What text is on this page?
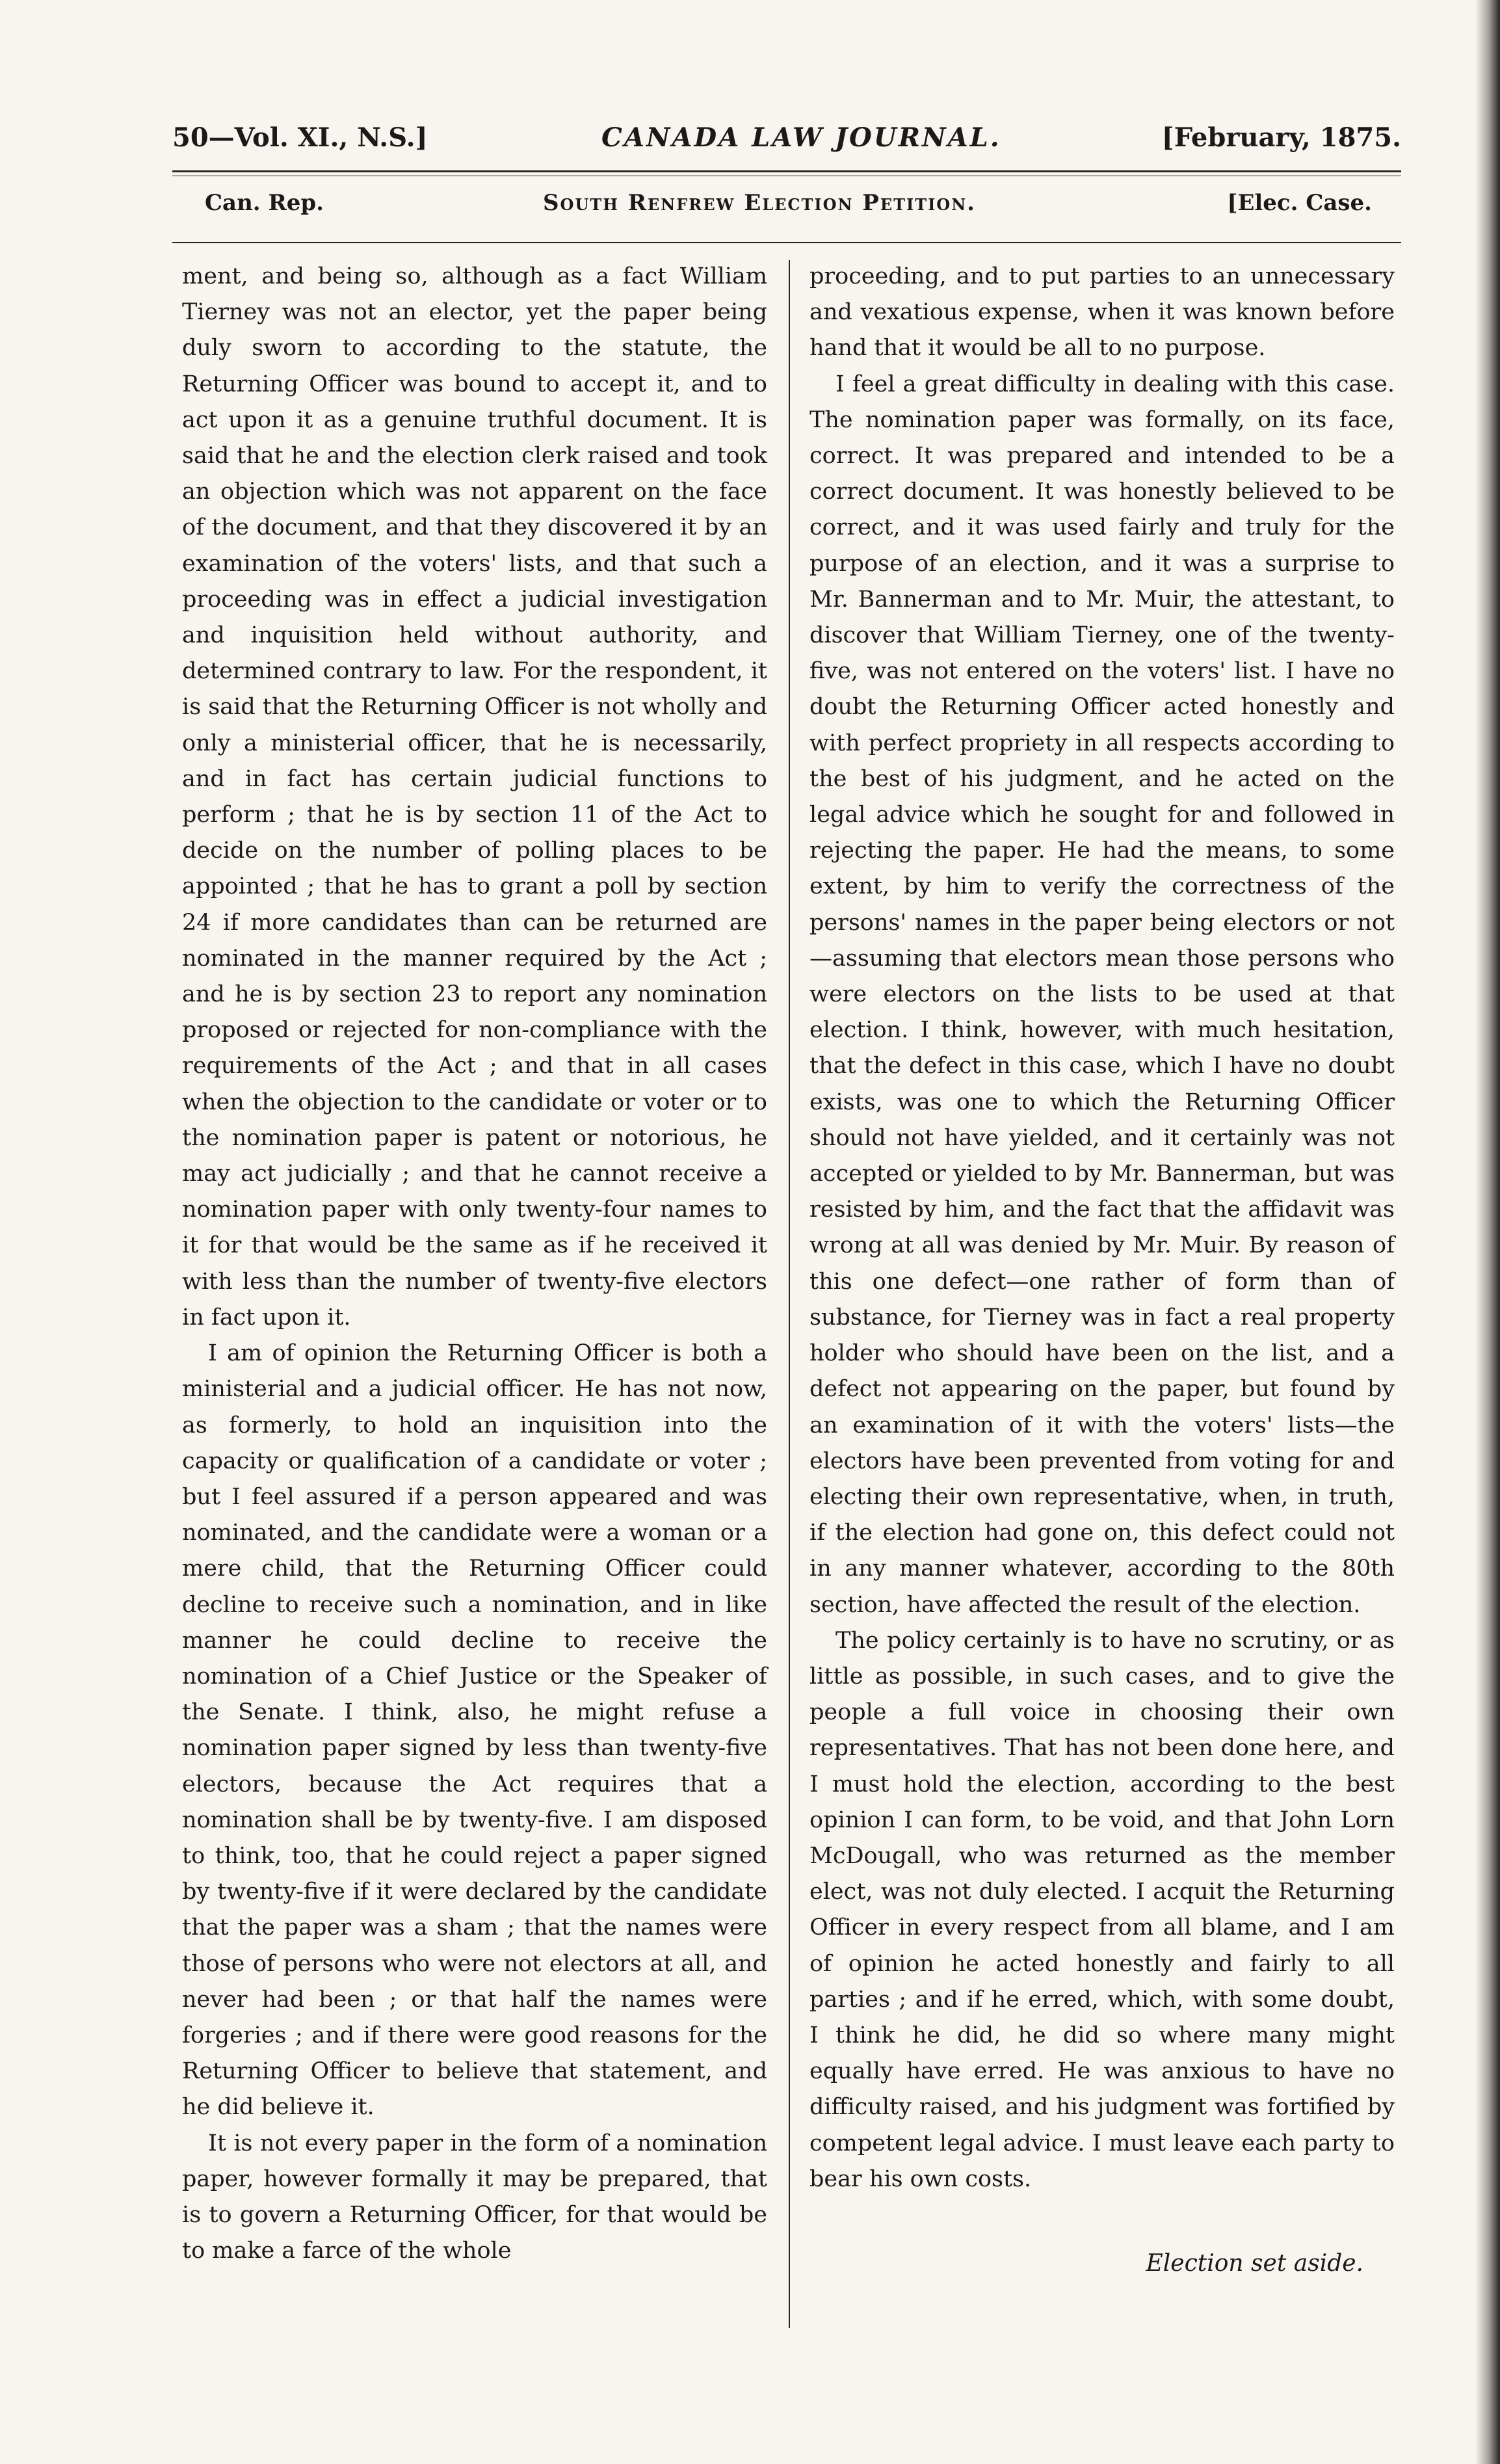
50—Vol. XI., N.S.]	CANADA LAW JOURNAL.	[February, 1875.
Can. Rep.	South Renfrew Election Petition.	[Elec. Case.

ment, and being so, although as a fact William Tierney was not an elector, yet the paper being duly sworn to according to the statute, the Returning Officer was bound to accept it, and to act upon it as a genuine truthful document. It is said that he and the election clerk raised and took an objection which was not apparent on the face of the document, and that they discovered it by an examination of the voters' lists, and that such a proceeding was in effect a judicial investigation and inquisition held without authority, and determined contrary to law. For the respondent, it is said that the Returning Officer is not wholly and only a ministerial officer, that he is necessarily, and in fact has certain judicial functions to perform ; that he is by section 11 of the Act to decide on the number of polling places to be appointed ; that he has to grant a poll by section 24 if more candidates than can be returned are nominated in the manner required by the Act ; and he is by section 23 to report any nomination proposed or rejected for non-compliance with the requirements of the Act ; and that in all cases when the objection to the candidate or voter or to the nomination paper is patent or notorious, he may act judicially ; and that he cannot receive a nomination paper with only twenty-four names to it for that would be the same as if he received it with less than the number of twenty-five electors in fact upon it.

I am of opinion the Returning Officer is both a ministerial and a judicial officer. He has not now, as formerly, to hold an inquisition into the capacity or qualification of a candidate or voter ; but I feel assured if a person appeared and was nominated, and the candidate were a woman or a mere child, that the Returning Officer could decline to receive such a nomination, and in like manner he could decline to receive the nomination of a Chief Justice or the Speaker of the Senate. I think, also, he might refuse a nomination paper signed by less than twenty-five electors, because the Act requires that a nomination shall be by twenty-five. I am disposed to think, too, that he could reject a paper signed by twenty-five if it were declared by the candidate that the paper was a sham ; that the names were those of persons who were not electors at all, and never had been ; or that half the names were forgeries ; and if there were good reasons for the Returning Officer to believe that statement, and he did believe it.

It is not every paper in the form of a nomination paper, however formally it may be prepared, that is to govern a Returning Officer, for that would be to make a farce of the whole

proceeding, and to put parties to an unnecessary and vexatious expense, when it was known before hand that it would be all to no purpose.

I feel a great difficulty in dealing with this case. The nomination paper was formally, on its face, correct. It was prepared and intended to be a correct document. It was honestly believed to be correct, and it was used fairly and truly for the purpose of an election, and it was a surprise to Mr. Bannerman and to Mr. Muir, the attestant, to discover that William Tierney, one of the twenty-five, was not entered on the voters' list. I have no doubt the Returning Officer acted honestly and with perfect propriety in all respects according to the best of his judgment, and he acted on the legal advice which he sought for and followed in rejecting the paper. He had the means, to some extent, by him to verify the correctness of the persons' names in the paper being electors or not—assuming that electors mean those persons who were electors on the lists to be used at that election. I think, however, with much hesitation, that the defect in this case, which I have no doubt exists, was one to which the Returning Officer should not have yielded, and it certainly was not accepted or yielded to by Mr. Bannerman, but was resisted by him, and the fact that the affidavit was wrong at all was denied by Mr. Muir. By reason of this one defect—one rather of form than of substance, for Tierney was in fact a real property holder who should have been on the list, and a defect not appearing on the paper, but found by an examination of it with the voters' lists—the electors have been prevented from voting for and electing their own representative, when, in truth, if the election had gone on, this defect could not in any manner whatever, according to the 80th section, have affected the result of the election.

The policy certainly is to have no scrutiny, or as little as possible, in such cases, and to give the people a full voice in choosing their own representatives. That has not been done here, and I must hold the election, according to the best opinion I can form, to be void, and that John Lorn McDougall, who was returned as the member elect, was not duly elected. I acquit the Returning Officer in every respect from all blame, and I am of opinion he acted honestly and fairly to all parties ; and if he erred, which, with some doubt, I think he did, he did so where many might equally have erred. He was anxious to have no difficulty raised, and his judgment was fortified by competent legal advice. I must leave each party to bear his own costs.

Election set aside.
